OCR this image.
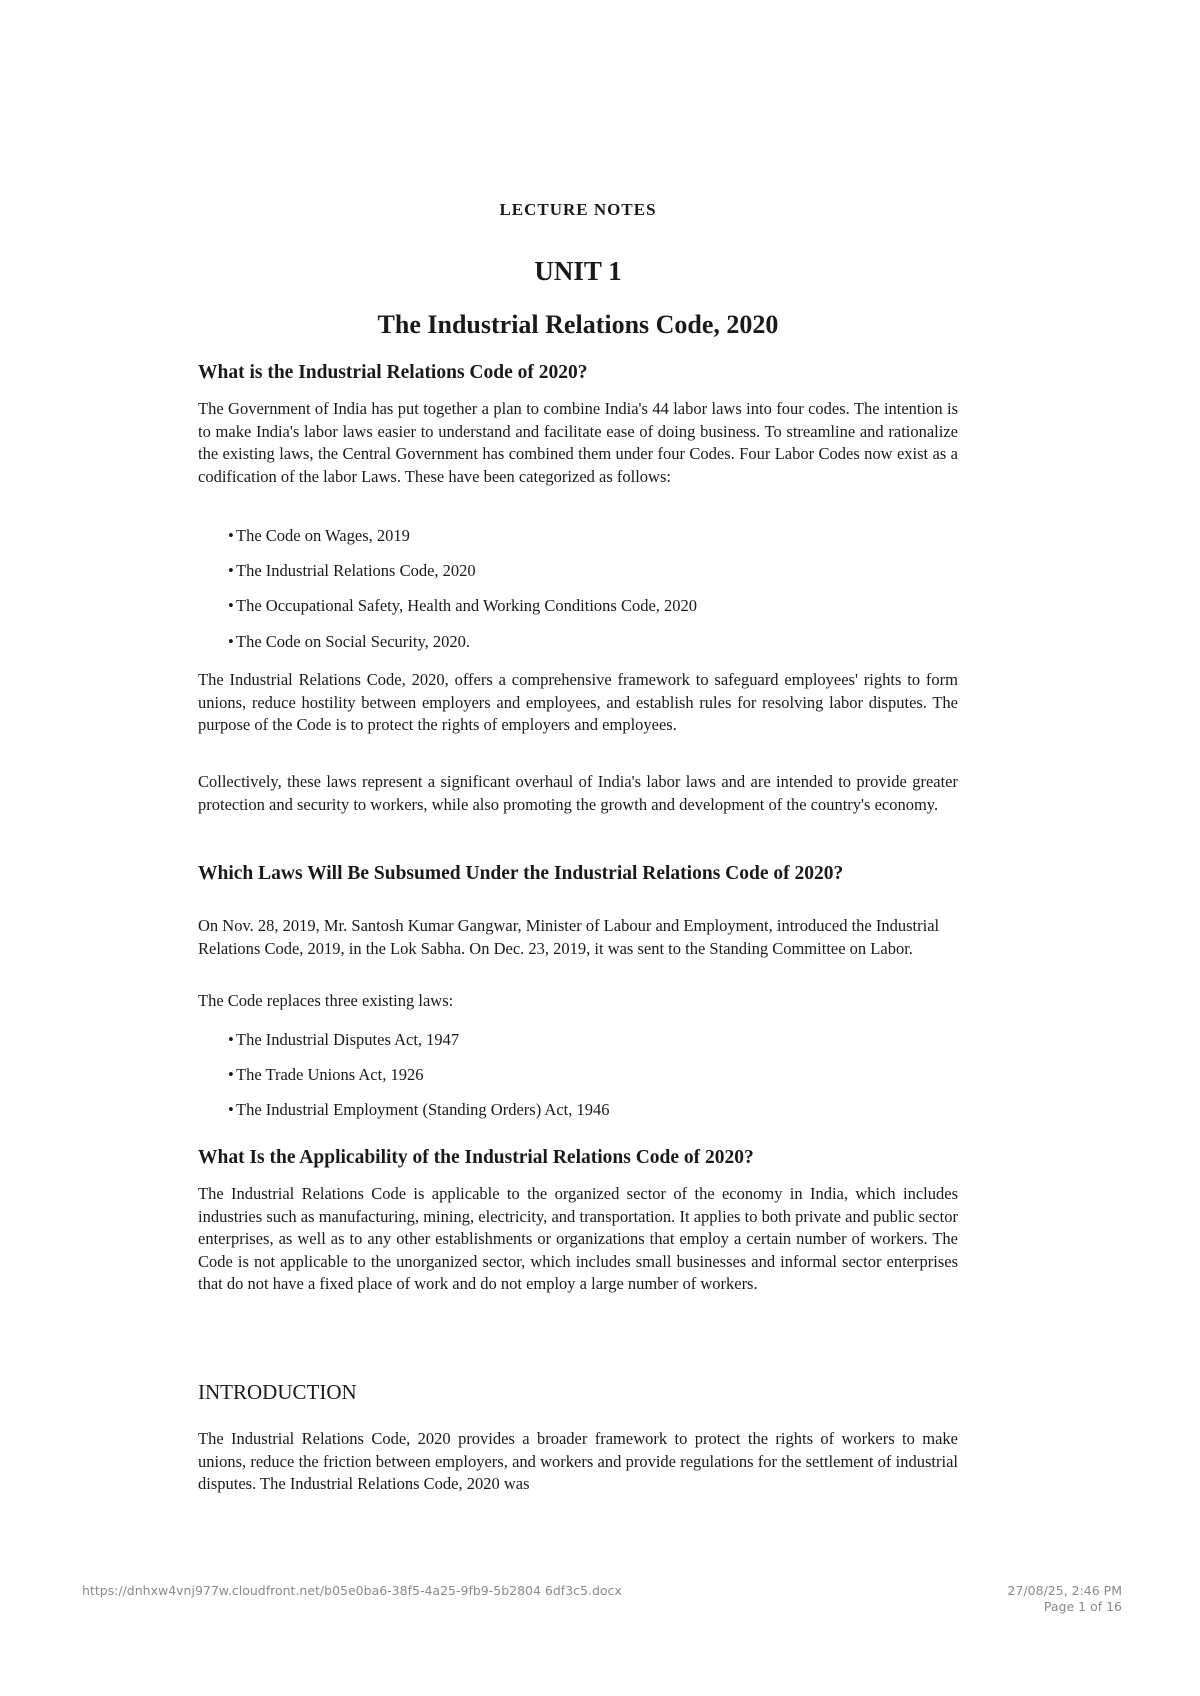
LECTURE NOTES
UNIT 1
The Industrial Relations Code, 2020
What is the Industrial Relations Code of 2020?

The Government of India has put together a plan to combine India's 44 labor laws into four codes. The intention is to make India's labor laws easier to understand and facilitate ease of doing business. To streamline and rationalize the existing laws, the Central Government has combined them under four Codes. Four Labor Codes now exist as a codification of the labor Laws. These have been categorized as follows:

• The Code on Wages, 2019

• The Industrial Relations Code, 2020

• The Occupational Safety, Health and Working Conditions Code, 2020

• The Code on Social Security, 2020.

The Industrial Relations Code, 2020, offers a comprehensive framework to safeguard employees' rights to form unions, reduce hostility between employers and employees, and establish rules for resolving labor disputes. The purpose of the Code is to protect the rights of employers and employees.

Collectively, these laws represent a significant overhaul of India's labor laws and are intended to provide greater protection and security to workers, while also promoting the growth and development of the country's economy.

Which Laws Will Be Subsumed Under the Industrial Relations Code of 2020?

On Nov. 28, 2019, Mr. Santosh Kumar Gangwar, Minister of Labour and Employment, introduced the Industrial Relations Code, 2019, in the Lok Sabha. On Dec. 23, 2019, it was sent to the Standing Committee on Labor.

The Code replaces three existing laws:

• The Industrial Disputes Act, 1947

• The Trade Unions Act, 1926

• The Industrial Employment (Standing Orders) Act, 1946

What Is the Applicability of the Industrial Relations Code of 2020?

The Industrial Relations Code is applicable to the organized sector of the economy in India, which includes industries such as manufacturing, mining, electricity, and transportation. It applies to both private and public sector enterprises, as well as to any other establishments or organizations that employ a certain number of workers. The Code is not applicable to the unorganized sector, which includes small businesses and informal sector enterprises that do not have a fixed place of work and do not employ a large number of workers.

INTRODUCTION

The Industrial Relations Code, 2020 provides a broader framework to protect the rights of workers to make unions, reduce the friction between employers, and workers and provide regulations for the settlement of industrial disputes. The Industrial Relations Code, 2020 was

https://dnhxw4vnj977w.cloudfront.net/b05e0ba6-38f5-4a25-9fb9-5b2804 6df3c5.docx	27/08/25, 2:46 PM
Page 1 of 16
